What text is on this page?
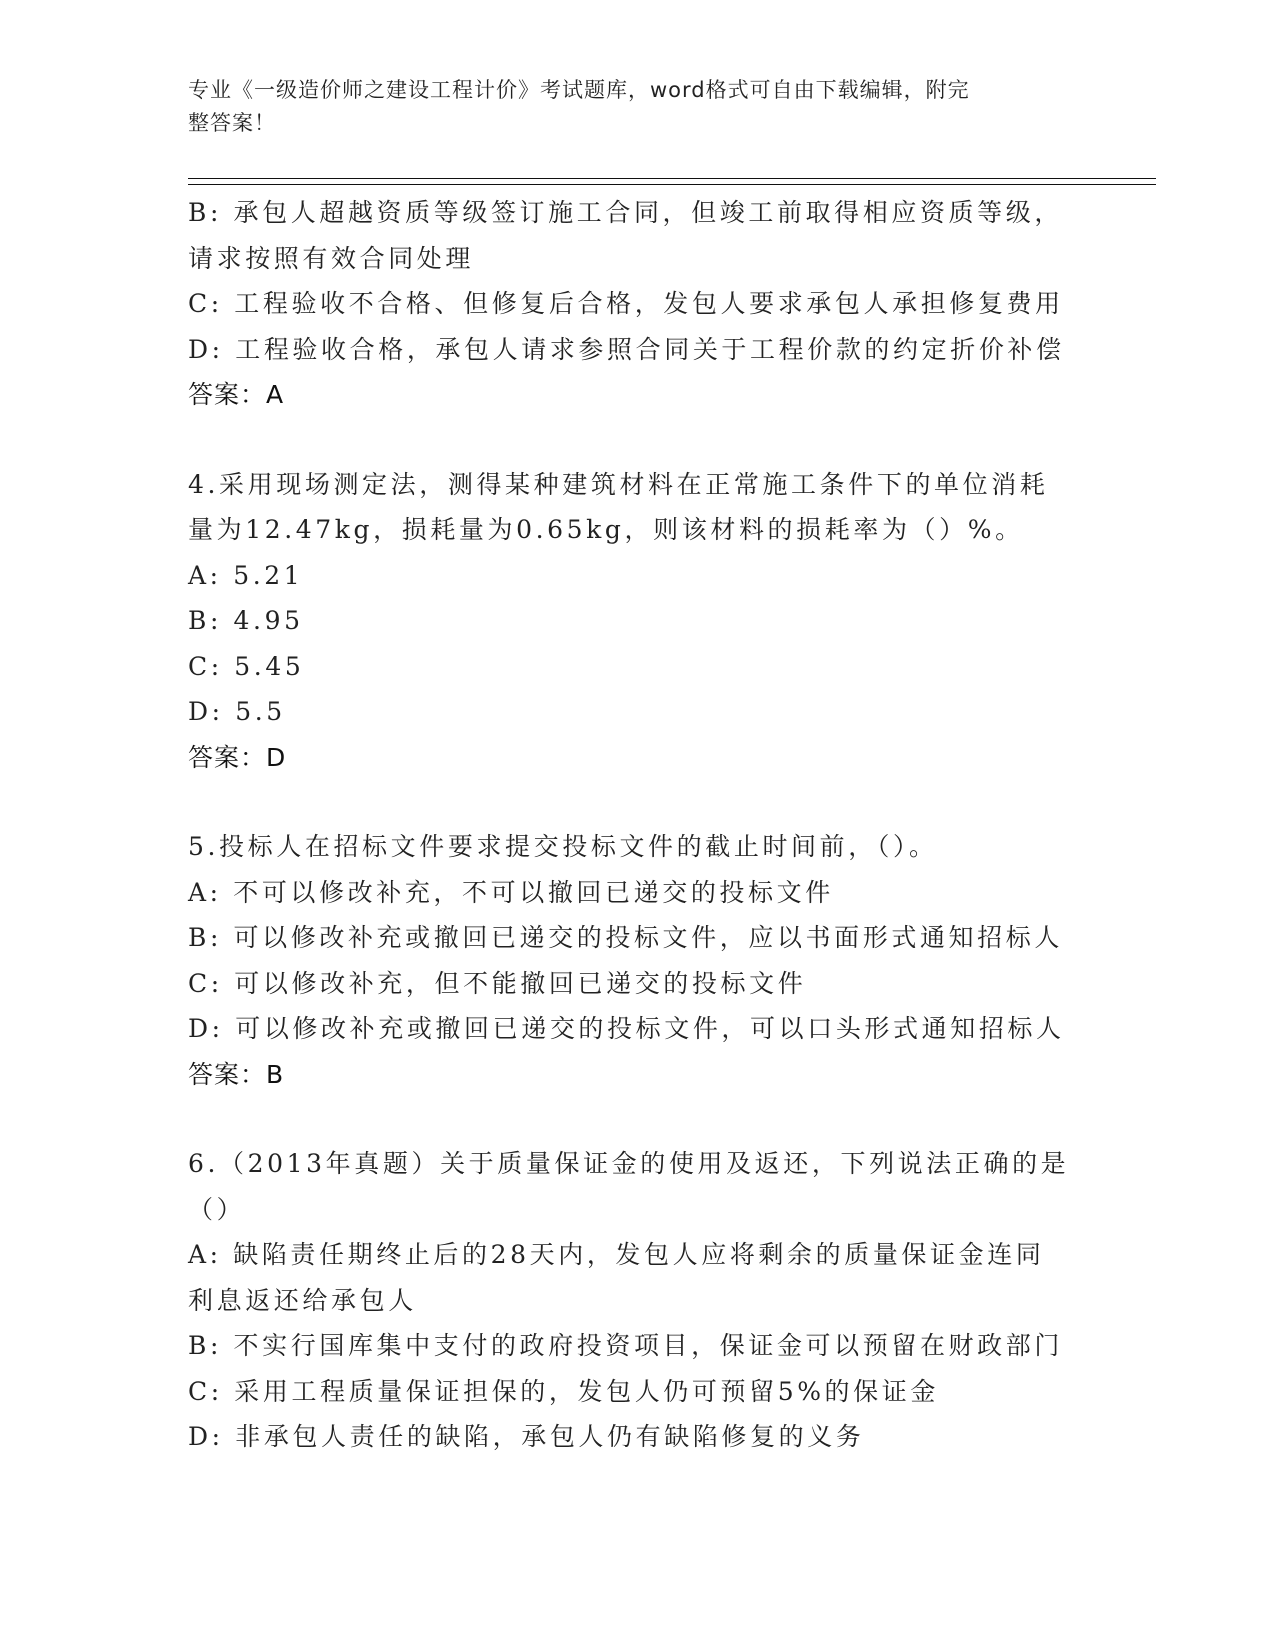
专业《一级造价师之建设工程计价》考试题库，word格式可自由下载编辑，附完
整答案！
B: 承包人超越资质等级签订施工合同，但竣工前取得相应资质等级，
请求按照有效合同处理
C: 工程验收不合格、但修复后合格，发包人要求承包人承担修复费用
D: 工程验收合格，承包人请求参照合同关于工程价款的约定折价补偿
答案：A
4.采用现场测定法，测得某种建筑材料在正常施工条件下的单位消耗
量为12.47kg，损耗量为0.65kg，则该材料的损耗率为（）%。
A: 5.21
B: 4.95
C: 5.45
D: 5.5
答案：D
5.投标人在招标文件要求提交投标文件的截止时间前，（）。
A: 不可以修改补充，不可以撤回已递交的投标文件
B: 可以修改补充或撤回已递交的投标文件，应以书面形式通知招标人
C: 可以修改补充，但不能撤回已递交的投标文件
D: 可以修改补充或撤回已递交的投标文件，可以口头形式通知招标人
答案：B
6.（2013年真题）关于质量保证金的使用及返还，下列说法正确的是
（）
A: 缺陷责任期终止后的28天内，发包人应将剩余的质量保证金连同
利息返还给承包人
B: 不实行国库集中支付的政府投资项目，保证金可以预留在财政部门
C: 采用工程质量保证担保的，发包人仍可预留5%的保证金
D: 非承包人责任的缺陷，承包人仍有缺陷修复的义务
